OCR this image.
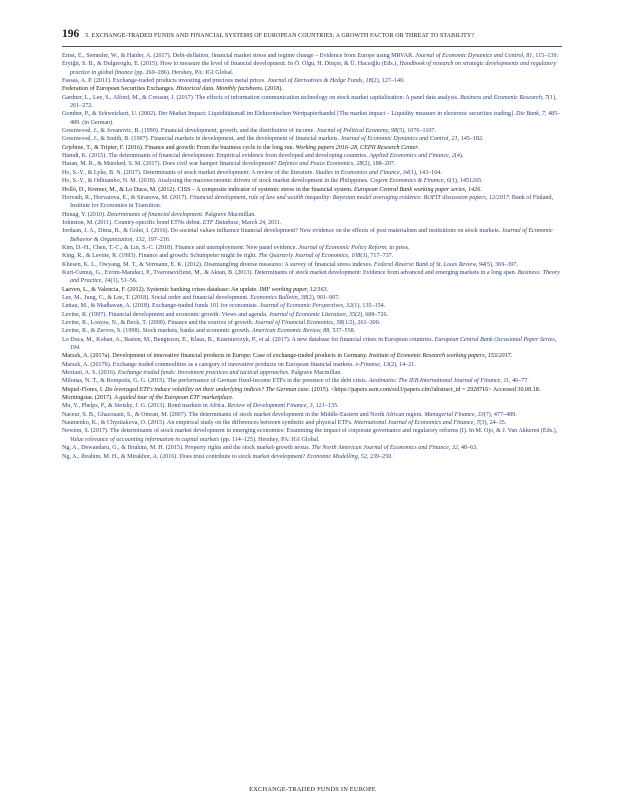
196 5. EXCHANGE-TRADED FUNDS AND FINANCIAL SYSTEMS OF EUROPEAN COUNTRIES: A GROWTH FACTOR OR THREAT TO STABILITY?

Ernst, E., Semmler, W., & Haider, A. (2017). Debt-deflation, financial market stress and regime change – Evidence from Europe using MRVAR. Journal of Economic Dynamics and Control, 81, 115–139.

Eryiğit, S. B., & Dulgeroglu, E. (2015). How to measure the level of financial development. In Ö. Olgu, H. Dinçer, & Ü. Hacıoğlu (Eds.), Handbook of research on strategic developments and regulatory practice in global finance (pp. 260–286). Hershey, PA: IGI Global.

Fassas, A. P. (2011). Exchange-traded products investing and precious metal prices. Journal of Derivatives & Hedge Funds, 18(2), 127–140.

Federation of European Securities Exchanges. Historical data. Monthly factsheets. (2018).

Gardner, L., Lee, S., Alford, M., & Cresson, J. (2017). The effects of information communication technology on stock market capitalization: A panel data analysis. Business and Economic Research, 7(1), 261–272.

Gomber, P., & Schweickert, U. (2002). Der Market Impact: Liquiditätsmaß im Elektronischen Wertpapierhandel [The market impact – Liquidity measure in electronic securities trading]. Die Bank, 7, 485–489. (in German).

Greenwood, J., & Jovanovic, B. (1990). Financial development, growth, and the distribution of income. Journal of Political Economy, 98(5), 1076–1107.

Greenwood, J., & Smith, B. (1997). Financial markets in development, and the development of financial markets. Journal of Economic Dynamics and Control, 21, 145–182.

Grjebine, T., & Tripier, F. (2016). Finance and growth: From the business cycle to the long run. Working papers 2016–28, CEPII Research Center.

Hamdi, K. (2015). The determinants of financial development: Empirical evidence from developed and developing countries. Applied Economics and Finance, 2(4).

Hasan, M. R., & Murshed, S. M. (2017). Does civil war hamper financial development? Defence and Peace Economics, 28(2), 188–207.

Ho, S.-Y., & Lyke, B. N. (2017). Determinants of stock market development: A review of the literature. Studies in Economics and Finance, 34(1), 143–164.

Ho, S.-Y., & Odhiambo, N. M. (2018). Analysing the macroeconomic drivers of stock market development in the Philippines. Cogent Economics & Finance, 6(1), 1451265.

Holló, D., Kremer, M., & Lo Duca, M. (2012). CISS – A composite indicator of systemic stress in the financial system. European Central Bank working paper series, 1426.

Horvath, R., Horvatova, E., & Siranova, M. (2017). Financial development, rule of law and wealth inequality: Bayesian model averaging evidence. BOFIT discussion papers, 12/2017. Bank of Finland, Institute for Economies in Transition.

Hunag, Y. (2010). Determinants of financial development. Palgrave Macmillan.

Johnston, M. (2011). Country-specific bond ETNs debut. ETF Database, March 24, 2011.

Jordaan, J. A., Dima, B., & Golet, I. (2016). Do societal values influence financial development? New evidence on the effects of post materialism and institutions on stock markets. Journal of Economic Behavior & Organization, 132, 197–216.

Kim, D.-H., Chen, T.-C., & Lin, S.-C. (2018). Finance and unemployment: New panel evidence. Journal of Economic Policy Reform, in press.

King, R., & Levine, R. (1993). Finance and growth: Schumpeter might be right. The Quarterly Journal of Economics, 108(3), 717–737.

Kliesen, K. L., Owyang, M. T., & Vermann, E. K. (2012). Disentangling diverse measures: A survey of financial stress indexes. Federal Reserve Bank of St. Louis Review, 94(5), 369–397.

Kurt-Cumuş, G., Evrim-Mandaci, P., Tvaronavičienė, M., & Aktan, B. (2013). Determinants of stock market development: Evidence from advanced and emerging markets in a long span. Business: Theory and Practice, 14(1), 51–56.

Laeven, L., & Valencia, F. (2012). Systemic banking crises database: An update. IMF working paper, 12/163.

Lee, M., Jung, C., & Lee, T. (2018). Social order and financial development. Economics Bulletin, 38(2), 901–907.

Lettau, M., & Madhavan, A. (2018). Exchange-traded funds 101 for economists. Journal of Economic Perspectives, 32(1), 135–154.

Levine, R. (1997). Financial development and economic growth: Views and agenda. Journal of Economic Literature, 35(2), 688–726.

Levine, R., Loayza, N., & Beck, T. (2000). Finance and the sources of growth. Journal of Financial Economics, 58(1/2), 261–300.

Levine, R., & Zervos, S. (1998). Stock markets, banks and economic growth. American Economic Review, 88, 537–558.

Lo Duca, M., Koban, A., Basten, M., Bengtsson, E., Klaus, B., Kusmierczyk, P., et al. (2017). A new database for financial crises in European countries. European Central Bank Occasional Paper Series, 194.

Marszk, A. (2017a). Development of innovative financial products in Europe: Case of exchange-traded products in Germany. Institute of Economic Research working papers, 153/2017.

Marszk, A. (2017b). Exchange traded commodities as a category of innovative products on European financial markets. e-Finanse, 13(2), 14–21.

Meziani, A. S. (2016). Exchange traded funds: Investment practices and tactical approaches. Palgrave Macmillan.

Milonas, N. T., & Rompotis, G. G. (2015). The performance of German fixed-income ETFs in the presence of the debt crisis. Aestimatio: The IEB International Journal of Finance, 11, 46–77.

Miquel-Flores, I. Do leveraged ETFs induce volatility on their underlying indices? The German case. (2015). <https://papers.ssrn.com/sol3/papers.cfm?abstract_id = 2928716> Accessed 30.08.18.

Morningstar. (2017). A guided tour of the European ETF marketplace.

Mu, Y., Phelps, P., & Stotsky, J. G. (2013). Bond markets in Africa. Review of Development Finance, 3, 121–135.

Naceur, S. B., Ghazouani, S., & Omran, M. (2007). The determinants of stock market development in the Middle-Eastern and North African region. Managerial Finance, 33(7), 477–489.

Naumenko, K., & Chystiakova, O. (2015). An empirical study on the differences between synthetic and physical ETFs. International Journal of Economics and Finance, 7(3), 24–35.

Newton, S. (2017). The determinants of stock market development in emerging economies: Examining the impact of corporate governance and regulatory reforms (I). In M. Ojo, & J. Van Akkeren (Eds.), Value relevance of accounting information in capital markets (pp. 114–125). Hershey, PA: IGI Global.

Ng, A., Dewandaru, G., & Ibrahim, M. H. (2015). Property rights and the stock market-growth nexus. The North American Journal of Economics and Finance, 32, 48–63.

Ng, A., Ibrahim, M. H., & Mirakhor, A. (2016). Does trust contribute to stock market development? Economic Modelling, 52, 239–250.

EXCHANGE-TRADED FUNDS IN EUROPE
